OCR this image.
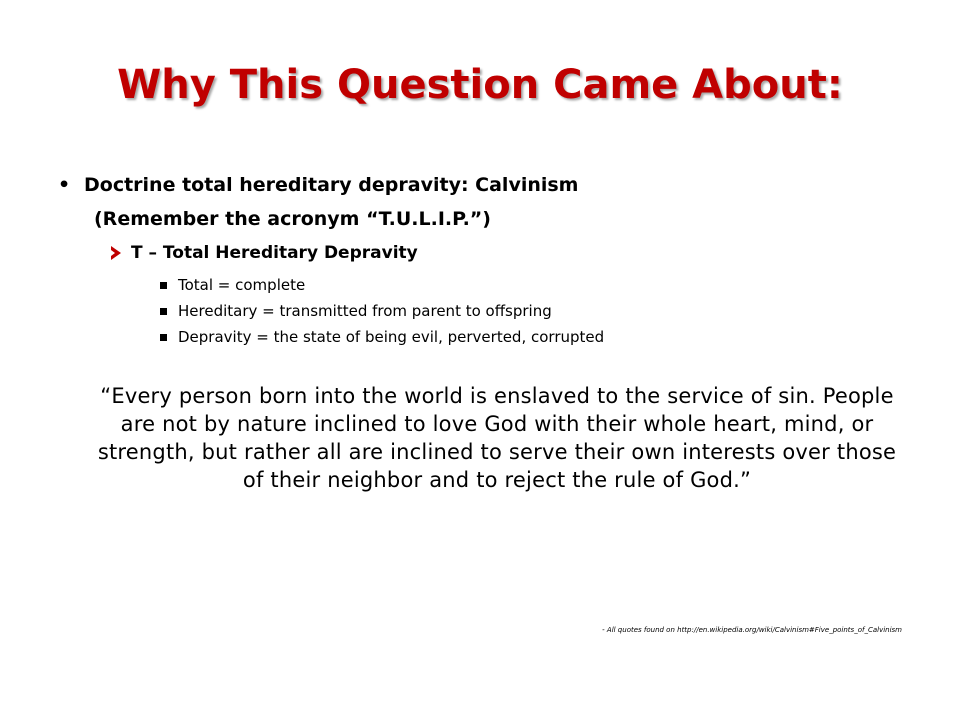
Why This Question Came About:
• Doctrine total hereditary depravity: Calvinism
(Remember the acronym “T.U.L.I.P.”)
T – Total Hereditary Depravity
Total = complete
Hereditary = transmitted from parent to offspring
Depravity = the state of being evil, perverted, corrupted
“Every person born into the world is enslaved to the service of sin. People are not by nature inclined to love God with their whole heart, mind, or strength, but rather all are inclined to serve their own interests over those of their neighbor and to reject the rule of God.”
- All quotes found on http://en.wikipedia.org/wiki/Calvinism#Five_points_of_Calvinism
